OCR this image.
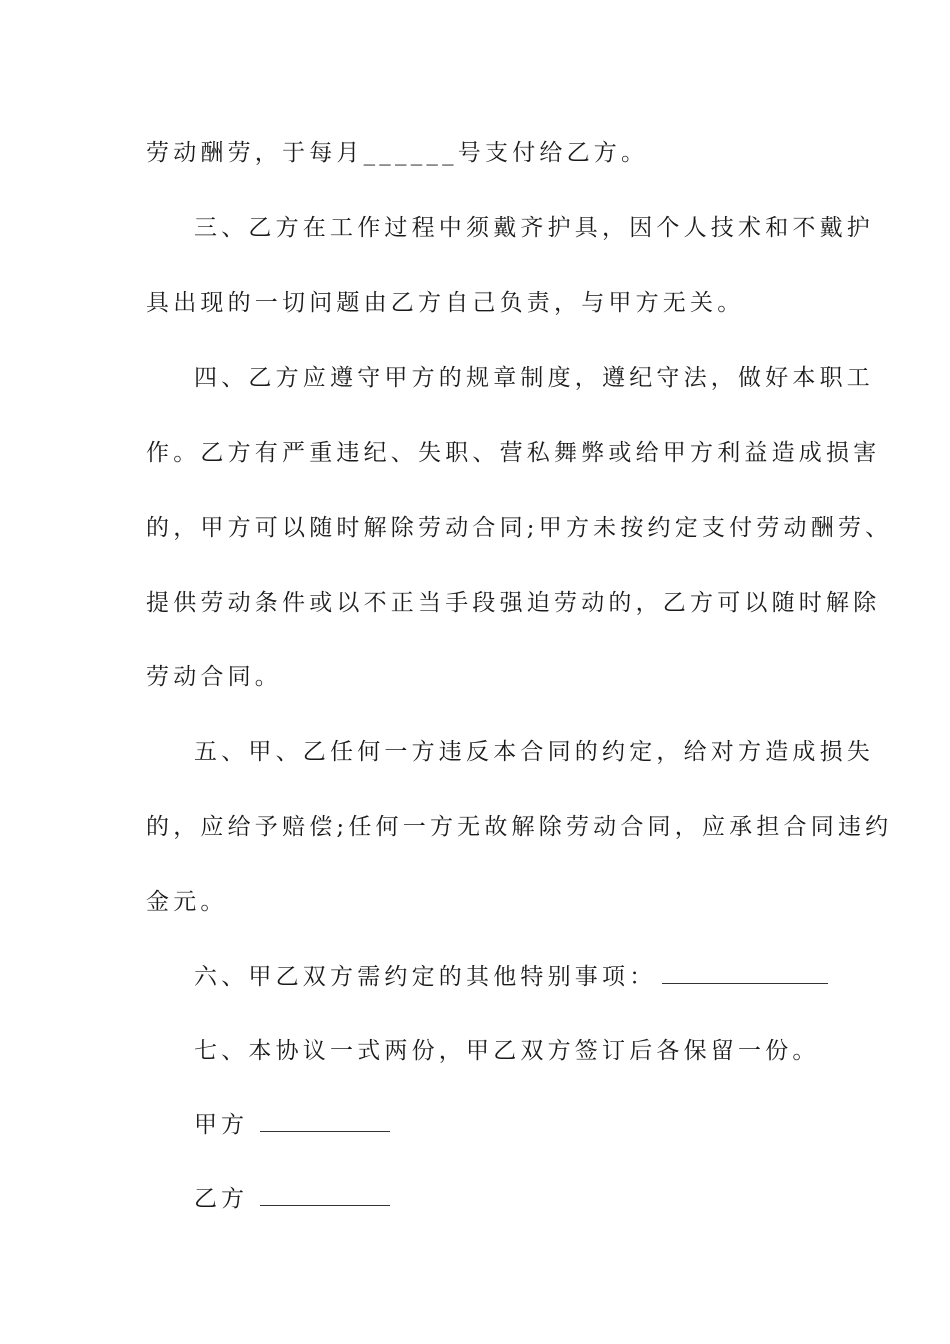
劳动酬劳，于每月______号支付给乙方。
三、乙方在工作过程中须戴齐护具，因个人技术和不戴护
具出现的一切问题由乙方自己负责，与甲方无关。
四、乙方应遵守甲方的规章制度，遵纪守法，做好本职工
作。乙方有严重违纪、失职、营私舞弊或给甲方利益造成损害
的，甲方可以随时解除劳动合同;甲方未按约定支付劳动酬劳、
提供劳动条件或以不正当手段强迫劳动的，乙方可以随时解除
劳动合同。
五、甲、乙任何一方违反本合同的约定，给对方造成损失
的，应给予赔偿;任何一方无故解除劳动合同，应承担合同违约
金元。
六、甲乙双方需约定的其他特别事项：
七、本协议一式两份，甲乙双方签订后各保留一份。
甲方
乙方
